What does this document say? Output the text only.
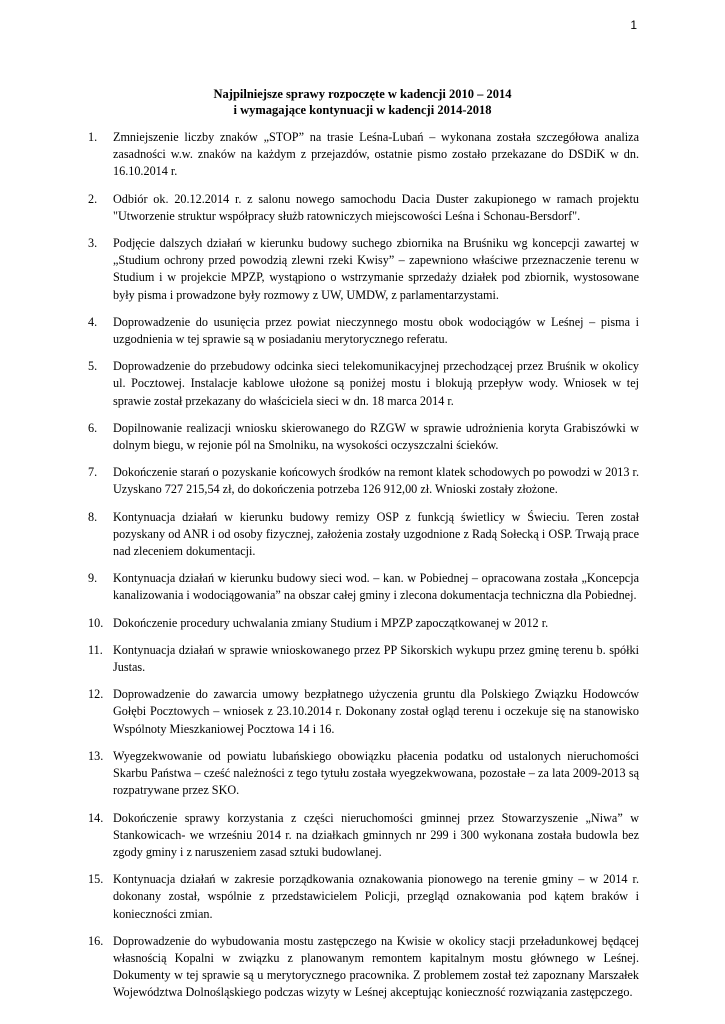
1
Najpilniejsze sprawy rozpoczęte w kadencji 2010 – 2014
i wymagające kontynuacji w kadencji 2014-2018
1. Zmniejszenie liczby znaków „STOP” na trasie Leśna-Lubań – wykonana została szczegółowa analiza zasadności w.w. znaków na każdym z przejazdów, ostatnie pismo zostało przekazane do DSDiK w dn. 16.10.2014 r.
2. Odbiór ok. 20.12.2014 r. z salonu nowego samochodu Dacia Duster zakupionego w ramach projektu "Utworzenie struktur współpracy służb ratowniczych miejscowości Leśna i Schonau-Bersdorf".
3. Podjęcie dalszych działań w kierunku budowy suchego zbiornika na Bruśniku wg koncepcji zawartej w „Studium ochrony przed powodzią zlewni rzeki Kwisy” – zapewniono właściwe przeznaczenie terenu w Studium i w projekcie MPZP, wystąpiono o wstrzymanie sprzedaży działek pod zbiornik, wystosowane były pisma i prowadzone były rozmowy z UW, UMDW, z parlamentarzystami.
4. Doprowadzenie do usunięcia przez powiat nieczynnego mostu obok wodociągów w Leśnej – pisma i uzgodnienia w tej sprawie są w posiadaniu merytorycznego referatu.
5. Doprowadzenie do przebudowy odcinka sieci telekomunikacyjnej przechodzącej przez Bruśnik w okolicy ul. Pocztowej. Instalacje kablowe ułożone są poniżej mostu i blokują przepływ wody. Wniosek w tej sprawie został przekazany do właściciela sieci w dn. 18 marca 2014 r.
6. Dopilnowanie realizacji wniosku skierowanego do RZGW w sprawie udrożnienia koryta Grabiszówki w dolnym biegu, w rejonie pól na Smolniku, na wysokości oczyszczalni ścieków.
7. Dokończenie starań o pozyskanie końcowych środków na remont klatek schodowych po powodzi w 2013 r. Uzyskano 727 215,54 zł, do dokończenia potrzeba 126 912,00 zł. Wnioski zostały złożone.
8. Kontynuacja działań w kierunku budowy remizy OSP z funkcją świetlicy w Świeciu. Teren został pozyskany od ANR i od osoby fizycznej, założenia zostały uzgodnione z Radą Sołecką i OSP. Trwają prace nad zleceniem dokumentacji.
9. Kontynuacja działań w kierunku budowy sieci wod. – kan. w Pobiednej – opracowana została „Koncepcja kanalizowania i wodociągowania” na obszar całej gminy i zlecona dokumentacja techniczna dla Pobiednej.
10. Dokończenie procedury uchwalania zmiany Studium i MPZP zapoczątkowanej w 2012 r.
11. Kontynuacja działań w sprawie wnioskowanego przez PP Sikorskich wykupu przez gminę terenu b. spółki Justas.
12. Doprowadzenie do zawarcia umowy bezpłatnego użyczenia gruntu dla Polskiego Związku Hodowców Gołębi Pocztowych – wniosek z 23.10.2014 r. Dokonany został ogląd terenu i oczekuje się na stanowisko Wspólnoty Mieszkaniowej Pocztowa 14 i 16.
13. Wyegzekwowanie od powiatu lubańskiego obowiązku płacenia podatku od ustalonych nieruchomości Skarbu Państwa – cześć należności z tego tytułu została wyegzekwowana, pozostałe – za lata 2009-2013 są rozpatrywane przez SKO.
14. Dokończenie sprawy korzystania z części nieruchomości gminnej przez Stowarzyszenie „Niwa” w Stankowicach- we wrześniu 2014 r. na działkach gminnych nr 299 i 300 wykonana została budowla bez zgody gminy i z naruszeniem zasad sztuki budowlanej.
15. Kontynuacja działań w zakresie porządkowania oznakowania pionowego na terenie gminy – w 2014 r. dokonany został, wspólnie z przedstawicielem Policji, przegląd oznakowania pod kątem braków i konieczności zmian.
16. Doprowadzenie do wybudowania mostu zastępczego na Kwisie w okolicy stacji przeładunkowej będącej własnością Kopalni w związku z planowanym remontem kapitalnym mostu głównego w Leśnej. Dokumenty w tej sprawie są u merytorycznego pracownika. Z problemem został też zapoznany Marszałek Województwa Dolnośląskiego podczas wizyty w Leśnej akceptując konieczność rozwiązania zastępczego.
